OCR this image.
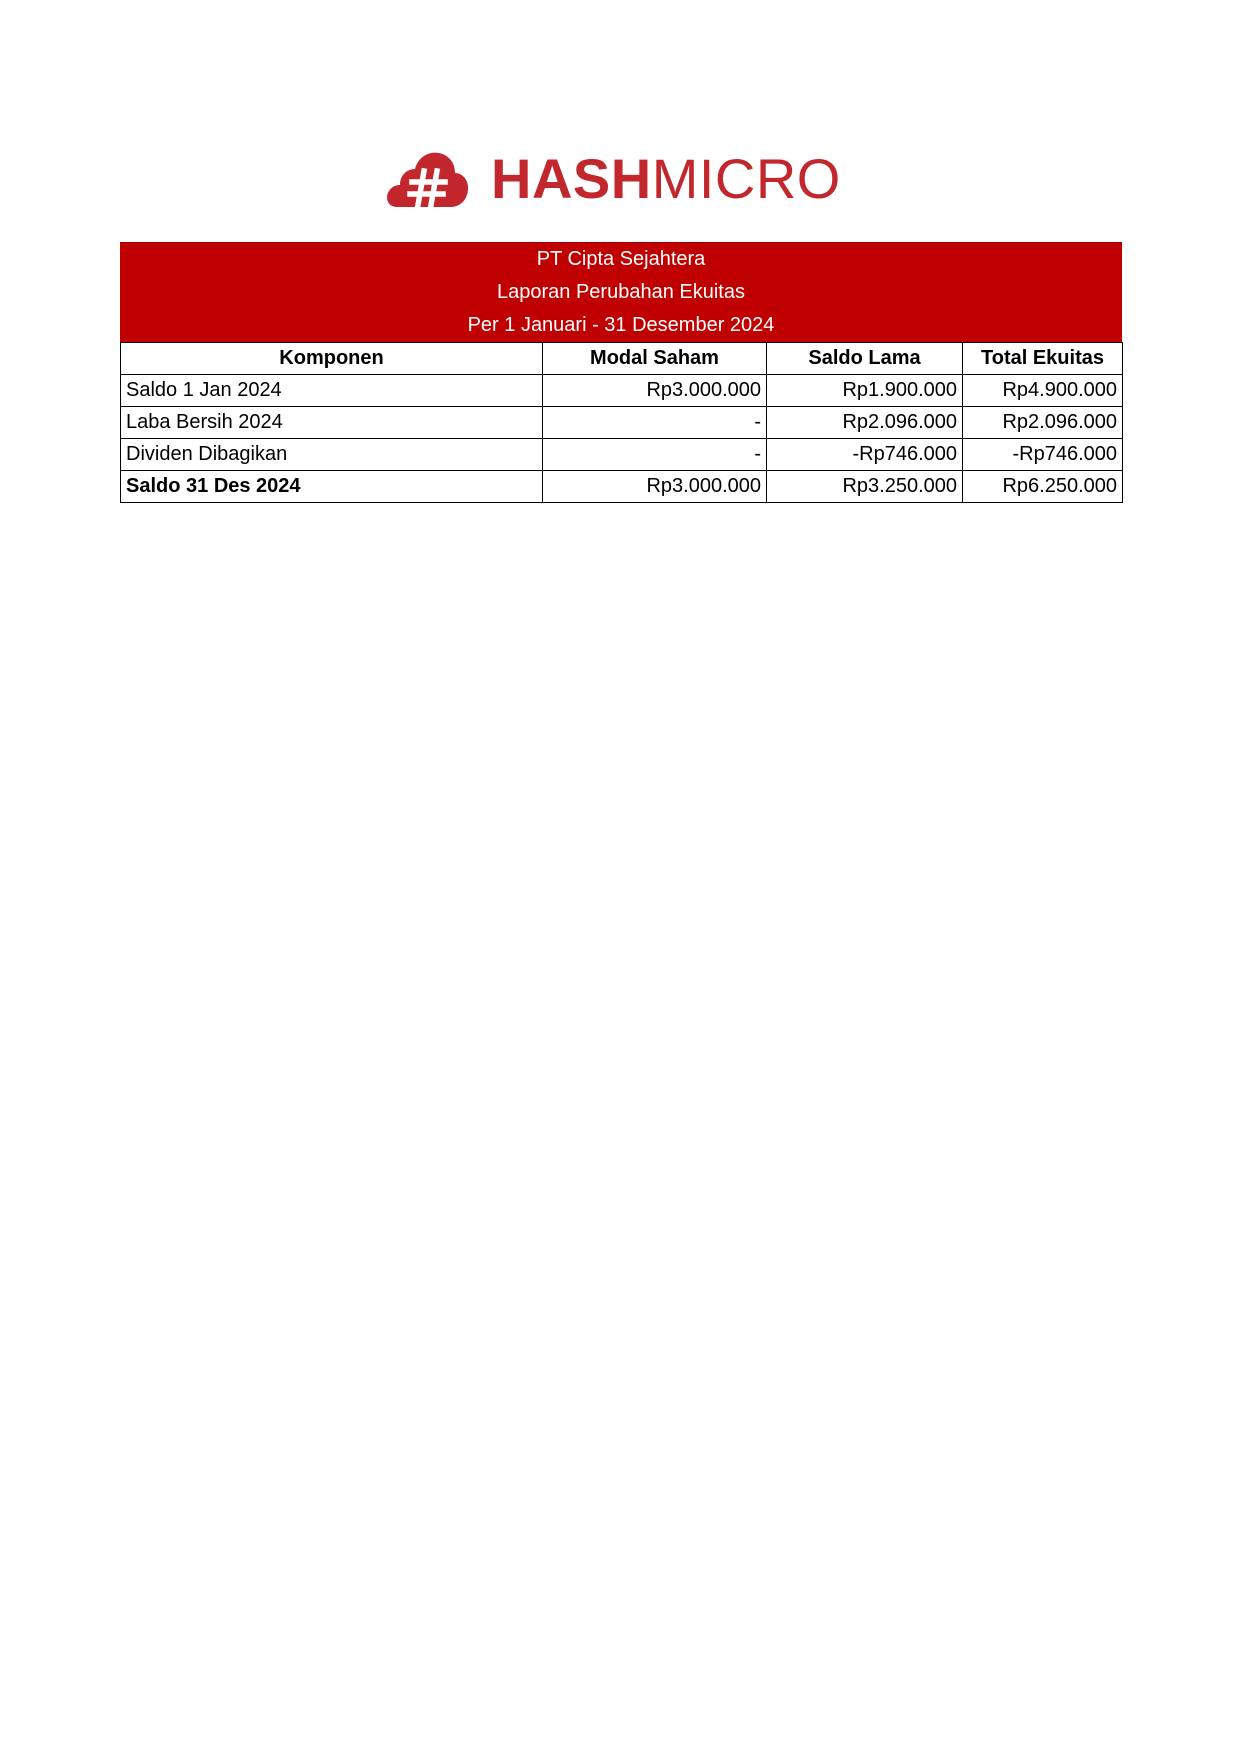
HASHMICRO
PT Cipta Sejahtera
Laporan Perubahan Ekuitas
Per 1 Januari - 31 Desember 2024
Komponen	Modal Saham	Saldo Lama	Total Ekuitas
Saldo 1 Jan 2024	Rp3.000.000	Rp1.900.000	Rp4.900.000
Laba Bersih 2024	-	Rp2.096.000	Rp2.096.000
Dividen Dibagikan	-	-Rp746.000	-Rp746.000
Saldo 31 Des 2024	Rp3.000.000	Rp3.250.000	Rp6.250.000
